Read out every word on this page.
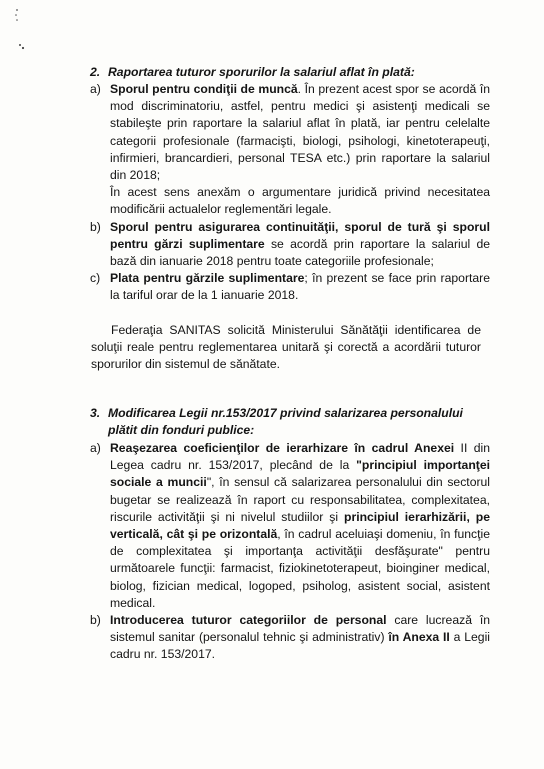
2. Raportarea tuturor sporurilor la salariul aflat în plată:
a) Sporul pentru condiţii de muncă. În prezent acest spor se acordă în mod discriminatoriu, astfel, pentru medici şi asistenţi medicali se stabileşte prin raportare la salariul aflat în plată, iar pentru celelalte categorii profesionale (farmacişti, biologi, psihologi, kinetoterapeuţi, infirmieri, brancardieri, personal TESA etc.) prin raportare la salariul din 2018;

În acest sens anexăm o argumentare juridică privind necesitatea modificării actualelor reglementări legale.

b) Sporul pentru asigurarea continuităţii, sporul de tură şi sporul pentru gărzi suplimentare se acordă prin raportare la salariul de bază din ianuarie 2018 pentru toate categoriile profesionale;

c) Plata pentru gărzile suplimentare; în prezent se face prin raportare la tariful orar de la 1 ianuarie 2018.

Federaţia SANITAS solicită Ministerului Sănătăţii identificarea de soluţii reale pentru reglementarea unitară şi corectă a acordării tuturor sporurilor din sistemul de sănătate.

3. Modificarea Legii nr.153/2017 privind salarizarea personalului
plătit din fonduri publice:
a) Reaşezarea coeficienţilor de ierarhizare în cadrul Anexei II din Legea cadru nr. 153/2017, plecând de la "principiul importanţei sociale a muncii", în sensul că salarizarea personalului din sectorul bugetar se realizează în raport cu responsabilitatea, complexitatea, riscurile activităţii şi ni nivelul studiilor şi principiul ierarhizării, pe verticală, cât şi pe orizontală, în cadrul aceluiaşi domeniu, în funcţie de complexitatea şi importanţa activităţii desfăşurate" pentru următoarele funcţii: farmacist, fiziokinetoterapeut, bioinginer medical, biolog, fizician medical, logoped, psiholog, asistent social, asistent medical.

b) Introducerea tuturor categoriilor de personal care lucrează în sistemul sanitar (personalul tehnic şi administrativ) în Anexa II a Legii cadru nr. 153/2017.
